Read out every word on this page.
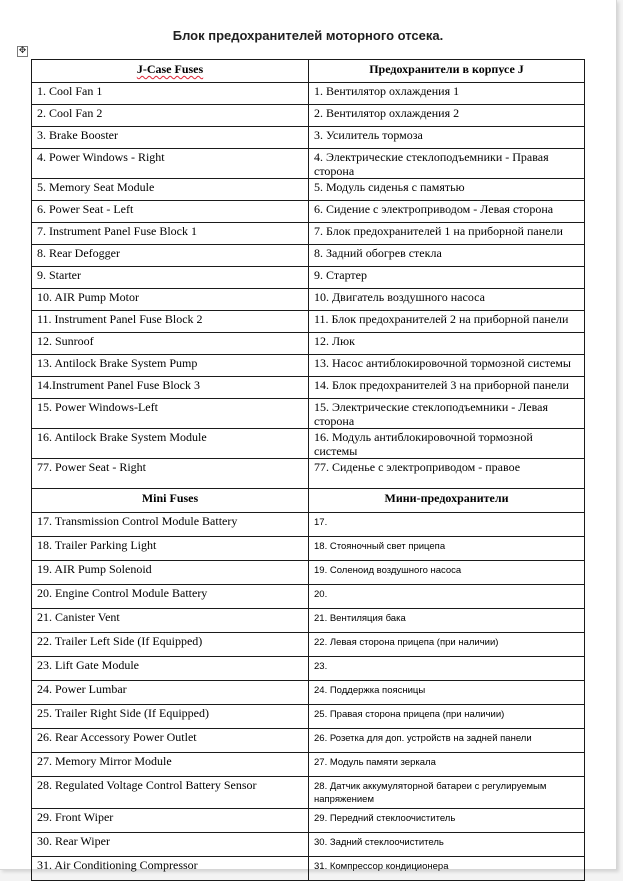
Блок предохранителей моторного отсека.
✥
J-Case Fuses	Предохранители в корпусе J
1. Cool Fan 1	1. Вентилятор охлаждения 1
2. Cool Fan 2	2. Вентилятор охлаждения 2
3. Brake Booster	3. Усилитель тормоза
4. Power Windows - Right	4. Электрические стеклоподъемники - Правая сторона
5. Memory Seat Module	5. Модуль сиденья с памятью
6. Power Seat - Left	6. Сидение с электроприводом - Левая сторона
7. Instrument Panel Fuse Block 1	7. Блок предохранителей 1 на приборной панели
8. Rear Defogger	8. Задний обогрев стекла
9. Starter	9. Стартер
10. AIR Pump Motor	10. Двигатель воздушного насоса
11. Instrument Panel Fuse Block 2	11. Блок предохранителей 2 на приборной панели
12. Sunroof	12. Люк
13. Antilock Brake System Pump	13. Насос антиблокировочной тормозной системы
14.Instrument Panel Fuse Block 3	14. Блок предохранителей 3 на приборной панели
15. Power Windows-Left	15. Электрические стеклоподъемники - Левая сторона
16. Antilock Brake System Module	16. Модуль антиблокировочной тормозной системы
77. Power Seat - Right	77. Сиденье с электроприводом - правое
Mini Fuses	Мини-предохранители
17. Transmission Control Module Battery	17.
18. Trailer Parking Light	18. Стояночный свет прицепа
19. AIR Pump Solenoid	19. Соленоид воздушного насоса
20. Engine Control Module Battery	20.
21. Canister Vent	21. Вентиляция бака
22. Trailer Left Side (If Equipped)	22. Левая сторона прицепа (при наличии)
23. Lift Gate Module	23.
24. Power Lumbar	24. Поддержка поясницы
25. Trailer Right Side (If Equipped)	25. Правая сторона прицепа (при наличии)
26. Rear Accessory Power Outlet	26. Розетка для доп. устройств на задней панели
27. Memory Mirror Module	27. Модуль памяти зеркала
28. Regulated Voltage Control Battery Sensor	28. Датчик аккумуляторной батареи с регулируемым напряжением
29. Front Wiper	29. Передний стеклоочиститель
30. Rear Wiper	30. Задний стеклоочиститель
31. Air Conditioning Compressor	31. Компрессор кондиционера
